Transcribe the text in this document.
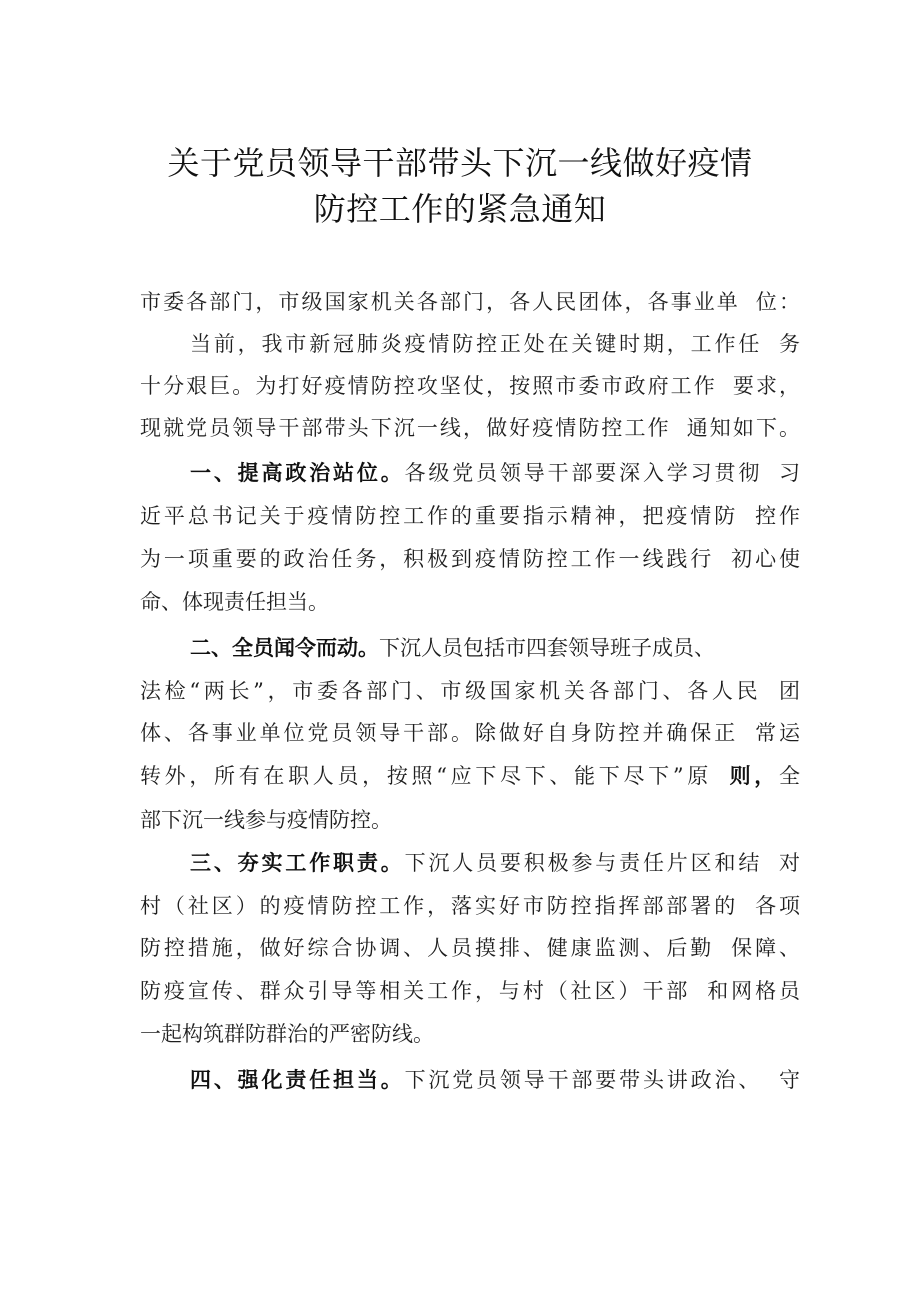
关于党员领导干部带头下沉一线做好疫情
防控工作的紧急通知
市委各部门，市级国家机关各部门，各人民团体，各事业单 位：
当前，我市新冠肺炎疫情防控正处在关键时期，工作任 务
十分艰巨。为打好疫情防控攻坚仗，按照市委市政府工作 要求，
现就党员领导干部带头下沉一线，做好疫情防控工作 通知如下。
一、提高政治站位。各级党员领导干部要深入学习贯彻 习
近平总书记关于疫情防控工作的重要指示精神，把疫情防 控作
为一项重要的政治任务，积极到疫情防控工作一线践行 初心使
命、体现责任担当。
二、全员闻令而动。下沉人员包括市四套领导班子成员、
法检“两长”，市委各部门、市级国家机关各部门、各人民 团
体、各事业单位党员领导干部。除做好自身防控并确保正 常运
转外，所有在职人员，按照“应下尽下、能下尽下”原 则，全
部下沉一线参与疫情防控。
三、夯实工作职责。下沉人员要积极参与责任片区和结 对
村（社区）的疫情防控工作，落实好市防控指挥部部署的 各项
防控措施，做好综合协调、人员摸排、健康监测、后勤 保障、
防疫宣传、群众引导等相关工作，与村（社区）干部 和网格员
一起构筑群防群治的严密防线。
四、强化责任担当。下沉党员领导干部要带头讲政治、 守
